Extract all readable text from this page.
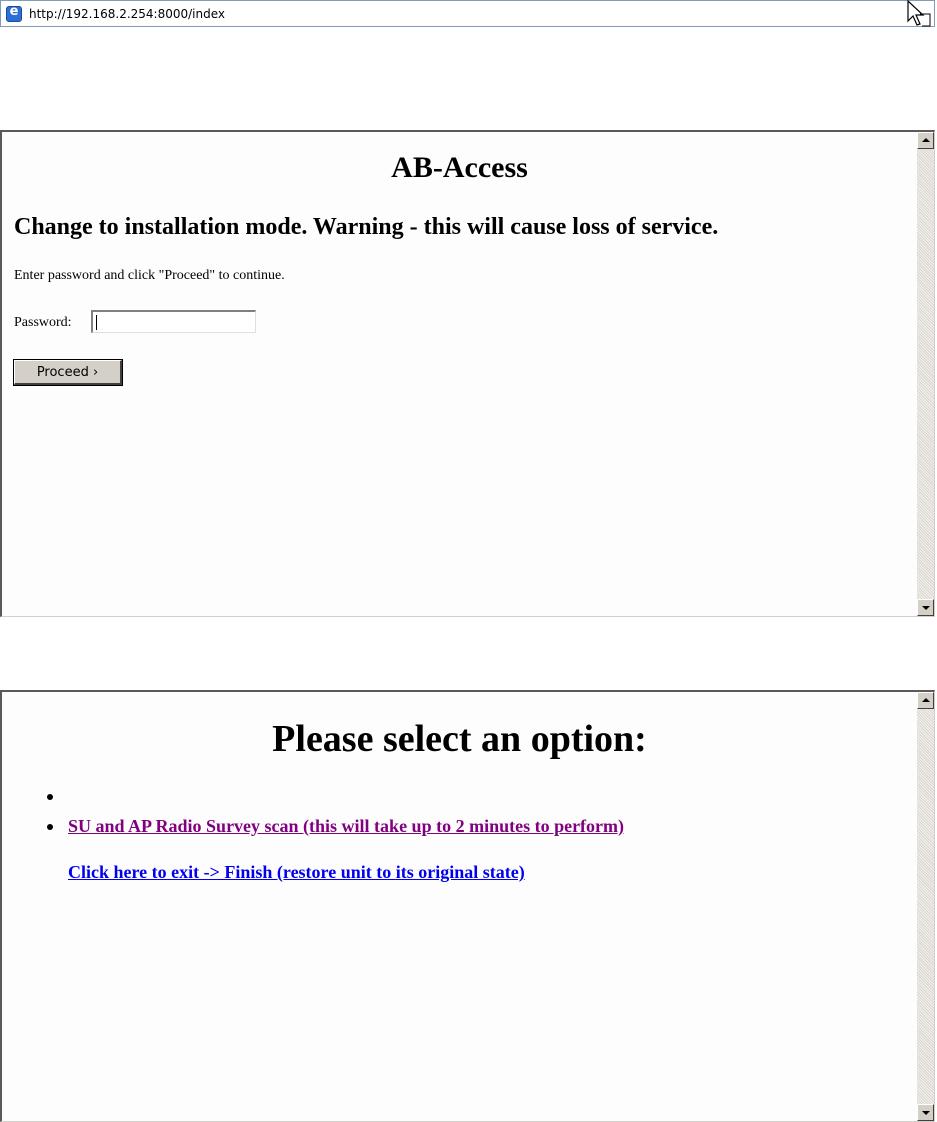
e
http://192.168.2.254:8000/index
AB-Access
Change to installation mode. Warning - this will cause loss of service.

Enter password and click "Proceed" to continue.

Password:
Proceed ›
Please select an option:
SU and AP Radio Survey scan (this will take up to 2 minutes to perform)
Click here to exit -> Finish (restore unit to its original state)
